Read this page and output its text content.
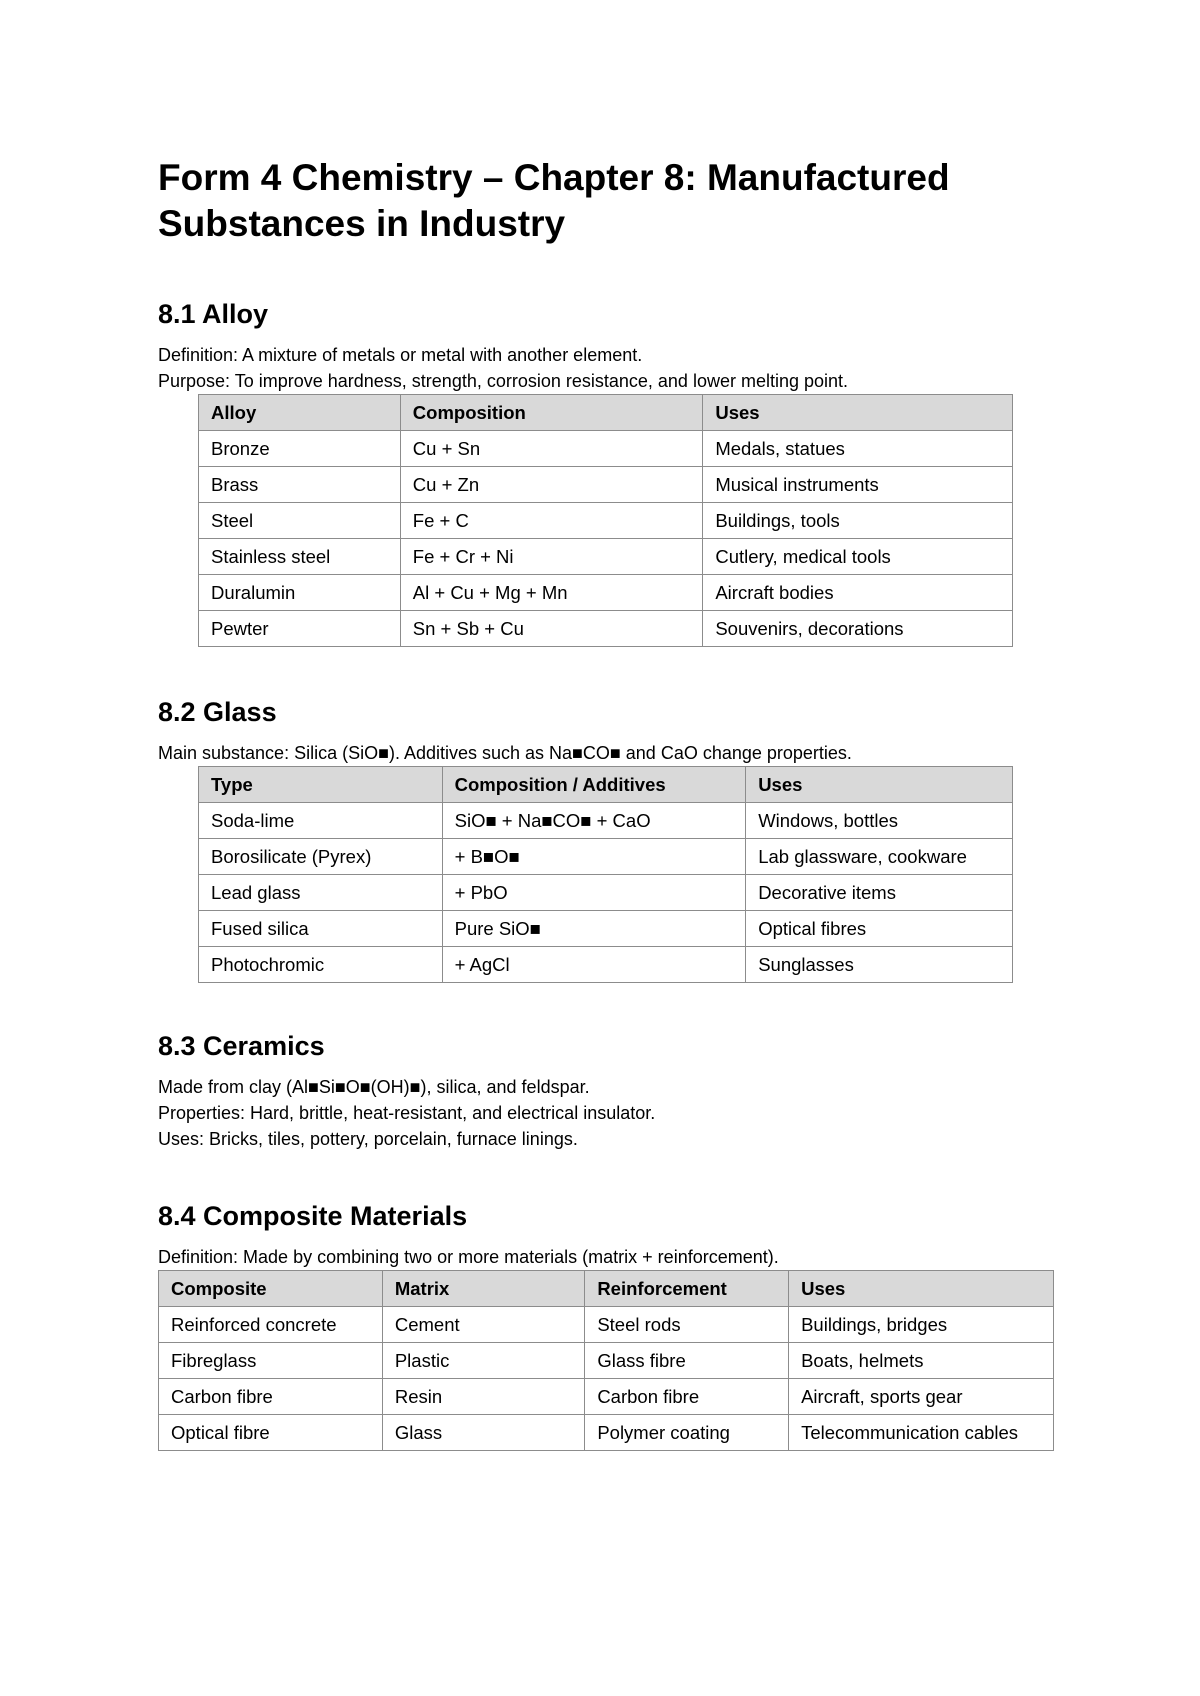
Form 4 Chemistry – Chapter 8: Manufactured Substances in Industry
8.1 Alloy

Definition: A mixture of metals or metal with another element.

Purpose: To improve hardness, strength, corrosion resistance, and lower melting point.

Alloy	Composition	Uses
Bronze	Cu + Sn	Medals, statues
Brass	Cu + Zn	Musical instruments
Steel	Fe + C	Buildings, tools
Stainless steel	Fe + Cr + Ni	Cutlery, medical tools
Duralumin	Al + Cu + Mg + Mn	Aircraft bodies
Pewter	Sn + Sb + Cu	Souvenirs, decorations
8.2 Glass

Main substance: Silica (SiO■). Additives such as Na■CO■ and CaO change properties.

Type	Composition / Additives	Uses
Soda-lime	SiO■ + Na■CO■ + CaO	Windows, bottles
Borosilicate (Pyrex)	+ B■O■	Lab glassware, cookware
Lead glass	+ PbO	Decorative items
Fused silica	Pure SiO■	Optical fibres
Photochromic	+ AgCl	Sunglasses
8.3 Ceramics

Made from clay (Al■Si■O■(OH)■), silica, and feldspar.

Properties: Hard, brittle, heat-resistant, and electrical insulator.

Uses: Bricks, tiles, pottery, porcelain, furnace linings.

8.4 Composite Materials

Definition: Made by combining two or more materials (matrix + reinforcement).

Composite	Matrix	Reinforcement	Uses
Reinforced concrete	Cement	Steel rods	Buildings, bridges
Fibreglass	Plastic	Glass fibre	Boats, helmets
Carbon fibre	Resin	Carbon fibre	Aircraft, sports gear
Optical fibre	Glass	Polymer coating	Telecommunication cables
